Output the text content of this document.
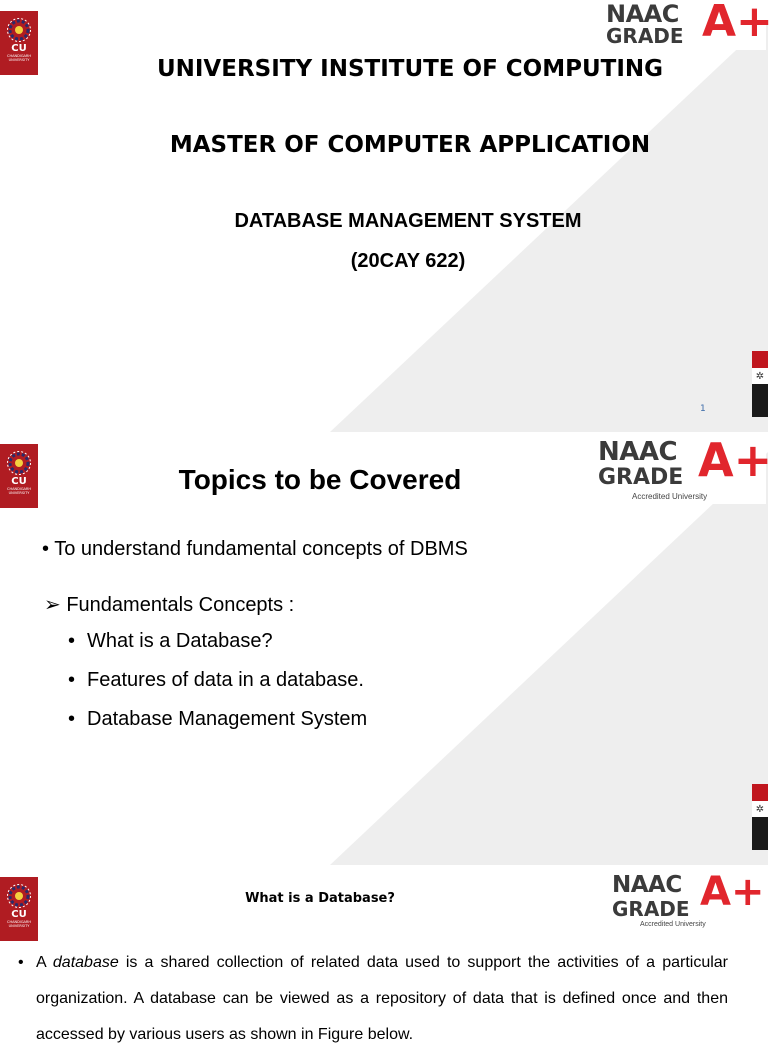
CU
CHANDIGARH UNIVERSITY
NAAC
GRADE A+
UNIVERSITY INSTITUTE OF COMPUTING
MASTER OF COMPUTER APPLICATION
DATABASE MANAGEMENT SYSTEM
(20CAY 622)
1
✲
CU
CHANDIGARH UNIVERSITY
NAAC
GRADE A+
Accredited University
Topics to be Covered
• To understand fundamental concepts of DBMS
➢ Fundamentals Concepts :
• What is a Database?
• Features of data in a database.
• Database Management System
✲
CU
CHANDIGARH UNIVERSITY
NAAC
GRADE A+
Accredited University
What is a Database?
• A database is a shared collection of related data used to support the activities of a particular organization. A database can be viewed as a repository of data that is defined once and then accessed by various users as shown in Figure below.
